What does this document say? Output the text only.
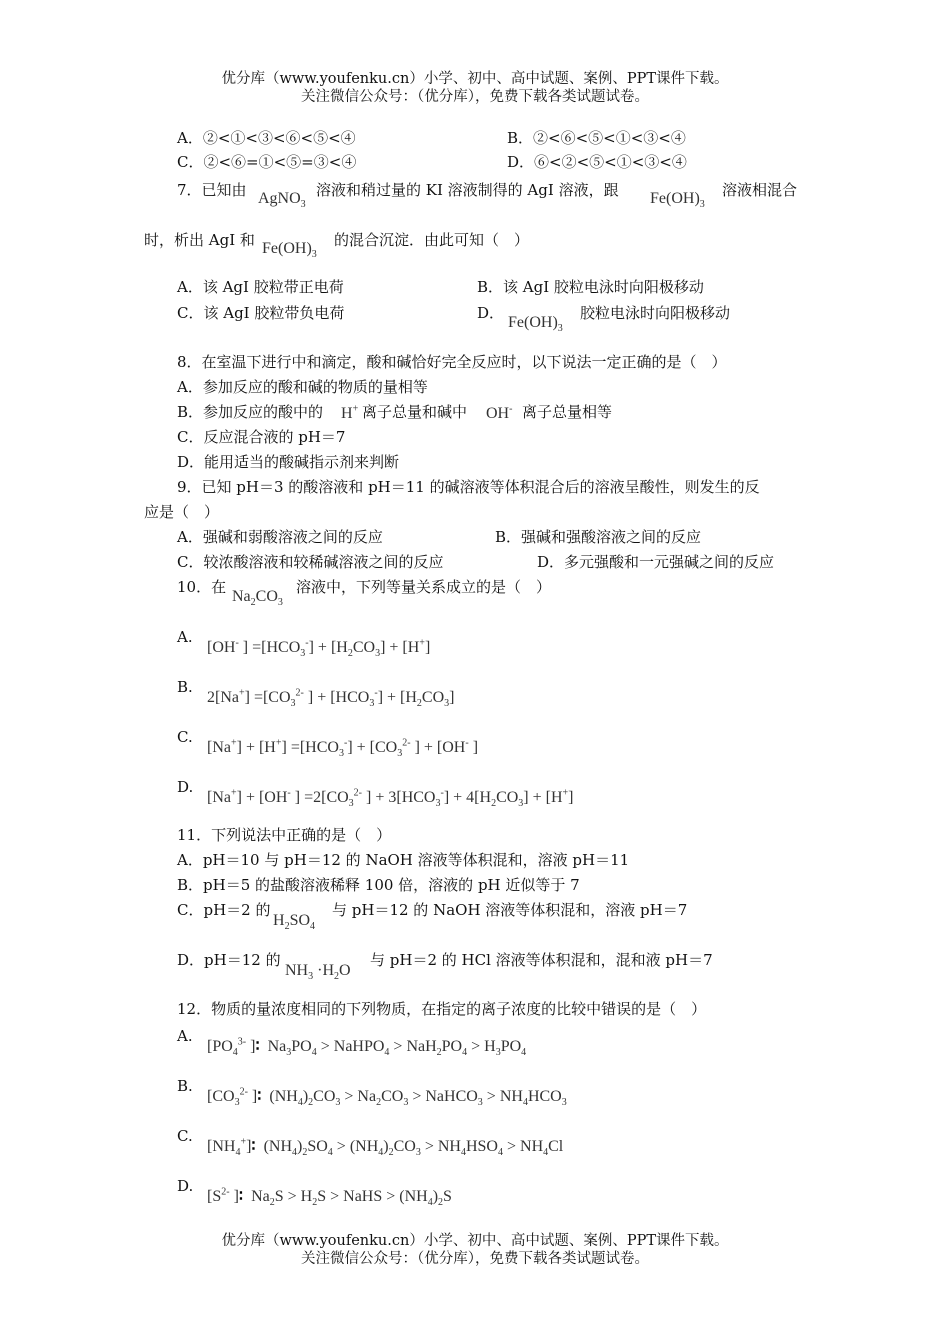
优分库（www.youfenku.cn）小学、初中、高中试题、案例、PPT课件下载。
关注微信公众号：（优分库），免费下载各类试题试卷。
A．②<①<③<⑥<⑤<④	B．②<⑥<⑤<①<③<④
C．②<⑥=①<⑤=③<④	D．⑥<②<⑤<①<③<④
7．已知由 AgNO$_3$
溶液和稍过量的 KI 溶液制得的 AgI 溶液，跟 $Fe(OH)_3$
溶液相混合
时，析出 AgI 和 $Fe(OH)_3$
的混合沉淀．由此可知（　）
A．该 AgI 胶粒带正电荷	B．该 AgI 胶粒电泳时向阳极移动
C．该 AgI 胶粒带负电荷	D．
$Fe(OH)_3$
胶粒电泳时向阳极移动
8．在室温下进行中和滴定，酸和碱恰好完全反应时，以下说法一定正确的是（　）
A．参加反应的酸和碱的物质的量相等
B．参加反应的酸中的 H+ 离子总量和碱中 OH- 离子总量相等
C．反应混合液的 pH＝7
D．能用适当的酸碱指示剂来判断
9．已知 pH＝3 的酸溶液和 pH＝11 的碱溶液等体积混合后的溶液呈酸性，则发生的反
应是（　）
A．强碱和弱酸溶液之间的反应	B．强碱和强酸溶液之间的反应
C．较浓酸溶液和较稀碱溶液之间的反应	D．多元强酸和一元强碱之间的反应
10．在
$Na_2CO_3$
溶液中，下列等量关系成立的是（　）
A.
[OH- ] $=[HCO_3^-] + [H_2CO_3] + [H^+]$
B.
$2[Na^+] =[CO_3^{2-}$ ] + $[HCO_3^-] + [H_2CO_3]$
C.
$[Na^+] + [H^+] =[HCO_3^-] + [CO_3^{2-}$ ] + [OH- ]
D.
[Na+] + [OH- ] $=2[CO_3^{2-}$ ] + $3[HCO_3^-] + 4[H_2CO_3] + [H^+]$
11．下列说法中正确的是（　）
A．pH＝10 与 pH＝12 的 NaOH 溶液等体积混和，溶液 pH＝11
B．pH＝5 的盐酸溶液稀释 100 倍，溶液的 pH 近似等于 7
C．pH＝2 的
$H_2SO_4$
与 pH＝12 的 NaOH 溶液等体积混和，溶液 pH＝7
D．pH＝12 的
$NH_3 \cdot H_2O$
与 pH＝2 的 HCl 溶液等体积混和，混和液 pH＝7
12．物质的量浓度相同的下列物质，在指定的离子浓度的比较中错误的是（　）
A.
[$PO_4^{3-}$ ]∶  $Na_3PO_4$ > NaHPO$_4$ > $NaH_2PO_4 > H_3PO_4$
B.
[$CO_3^{2-}$ ]∶  $(NH_4)_2CO_3 > Na_2CO_3$ > NaHCO$_3$ > $NH_4HCO_3$
C.
$[NH_4^+]∶$  $(NH_4)_2SO_4 > (NH_4)_2CO_3 > NH_4HSO_4 > NH_4Cl$
D.
[$S^{2-}$ ]∶  $Na_2S > H_2S$ > NaHS > $(NH_4)_2S$
优分库（www.youfenku.cn）小学、初中、高中试题、案例、PPT课件下载。
关注微信公众号：（优分库），免费下载各类试题试卷。
